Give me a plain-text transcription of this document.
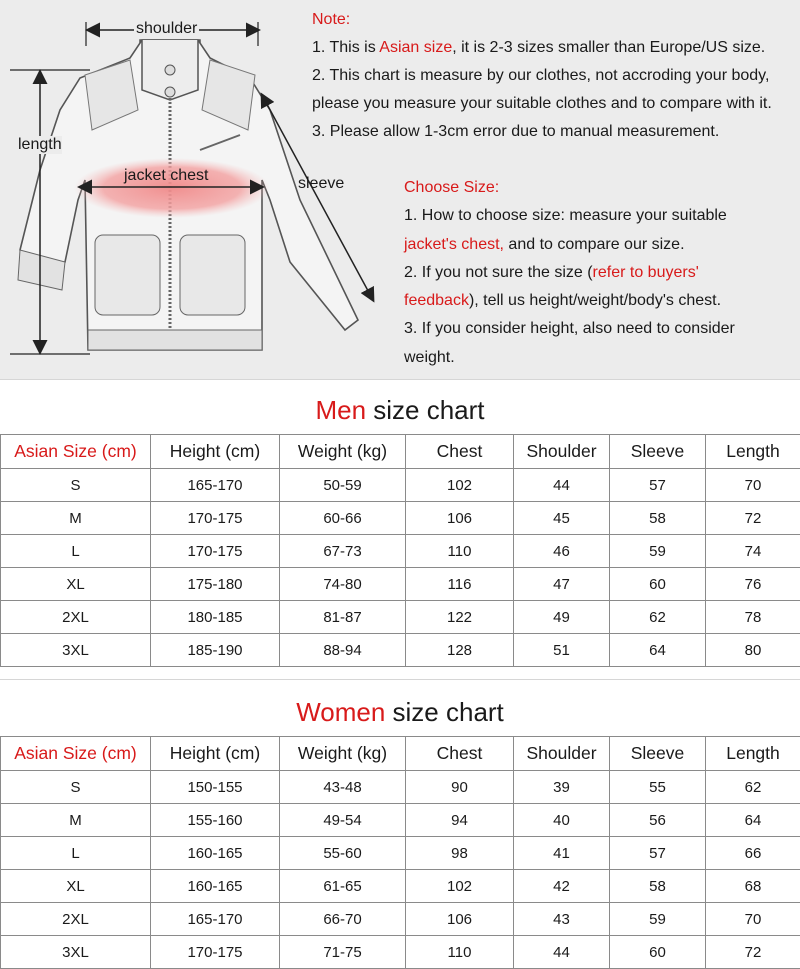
shoulder
length
jacket chest	sleeve
Note:
1. This is Asian size, it is 2-3 sizes smaller than Europe/US size.
2. This chart is measure by our clothes, not accroding your body,
please you measure your suitable clothes and to compare with it.
3. Please allow 1-3cm error due to manual measurement.
Choose Size:
1. How to choose size: measure your suitable
jacket's chest, and to compare our size.
2. If you not sure the size (refer to buyers'
feedback), tell us height/weight/body's chest.
3. If you consider height, also need to consider
weight.
Men size chart
Asian Size (cm)	Height (cm)	Weight (kg)	Chest	Shoulder	Sleeve	Length
S	165-170	50-59	102	44	57	70
M	170-175	60-66	106	45	58	72
L	170-175	67-73	110	46	59	74
XL	175-180	74-80	116	47	60	76
2XL	180-185	81-87	122	49	62	78
3XL	185-190	88-94	128	51	64	80
Women size chart
Asian Size (cm)	Height (cm)	Weight (kg)	Chest	Shoulder	Sleeve	Length
S	150-155	43-48	90	39	55	62
M	155-160	49-54	94	40	56	64
L	160-165	55-60	98	41	57	66
XL	160-165	61-65	102	42	58	68
2XL	165-170	66-70	106	43	59	70
3XL	170-175	71-75	110	44	60	72
